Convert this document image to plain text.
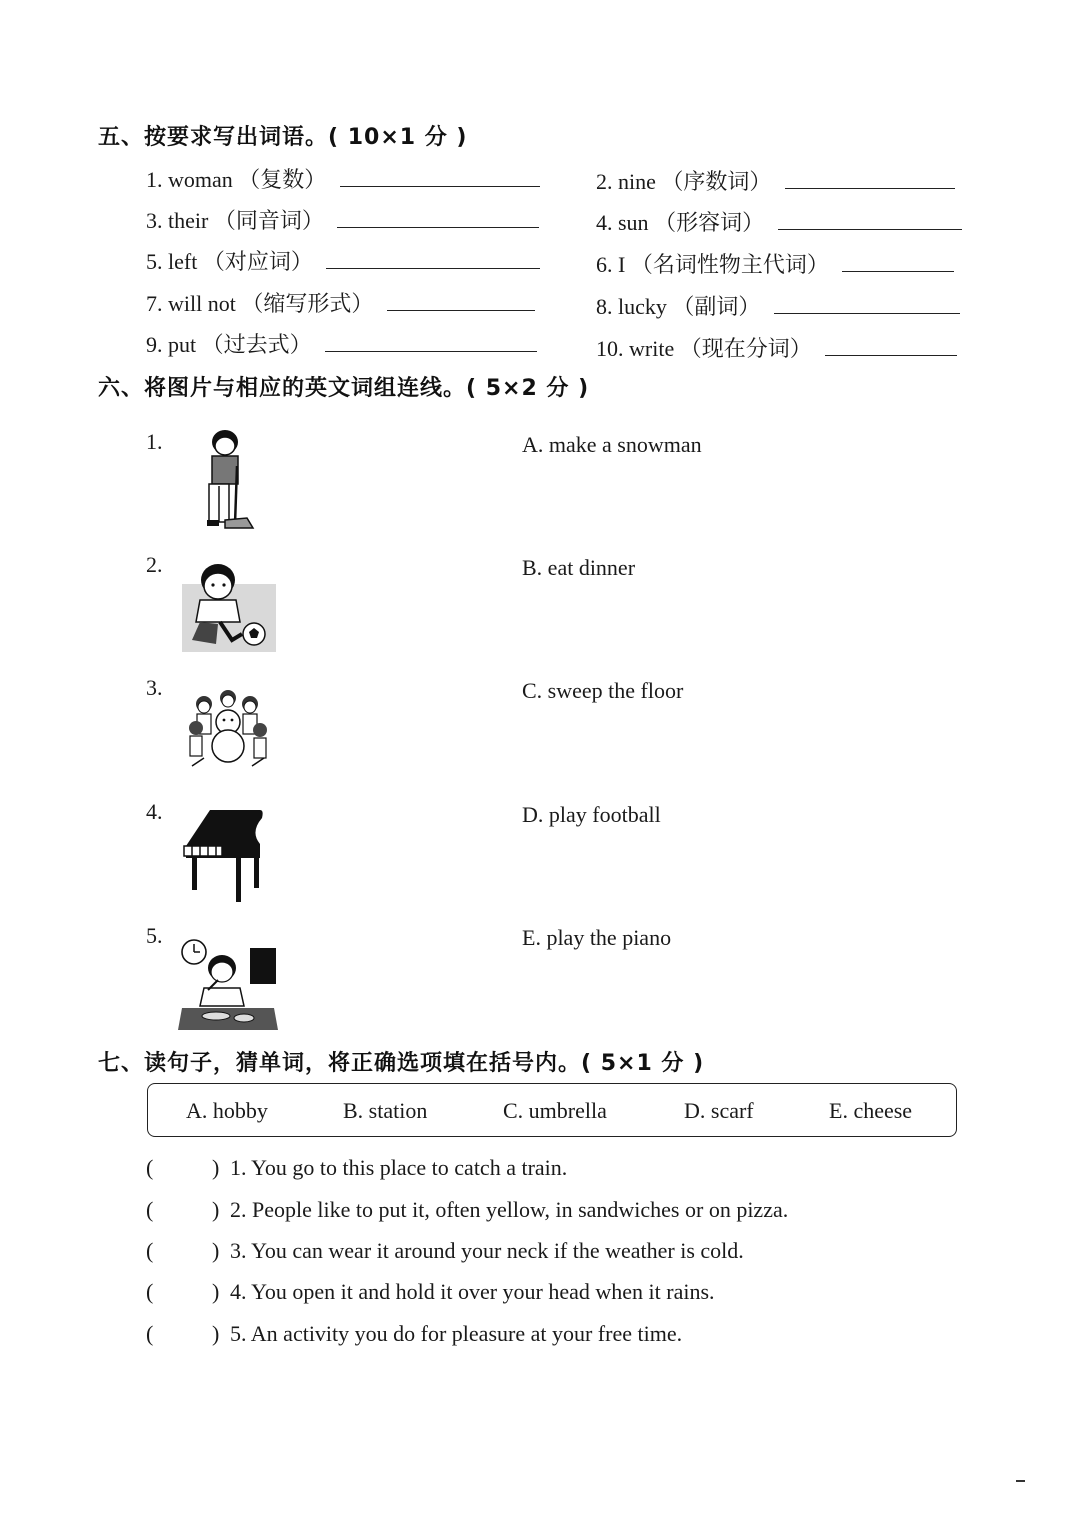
五、按要求写出词语。( 10×1 分 )
1. woman （复数）	2. nine （序数词）
3. their （同音词）	4. sun （形容词）
5. left （对应词）	6. I （名词性物主代词）
7. will not （缩写形式）	8. lucky （副词）
9. put （过去式）	10. write （现在分词）
六、将图片与相应的英文词组连线。( 5×2 分 )
1.
2.
3.
4.
5.
A. make a snowman
B. eat dinner
C. sweep the floor
D. play football
E. play the piano
七、读句子，猜单词，将正确选项填在括号内。( 5×1 分 )
A. hobby	B. station	C. umbrella	D. scarf	E. cheese
(	) 1. You go to this place to catch a train.
(	) 2. People like to put it, often yellow, in sandwiches or on pizza.
(	) 3. You can wear it around your neck if the weather is cold.
(	) 4. You open it and hold it over your head when it rains.
(	) 5. An activity you do for pleasure at your free time.
